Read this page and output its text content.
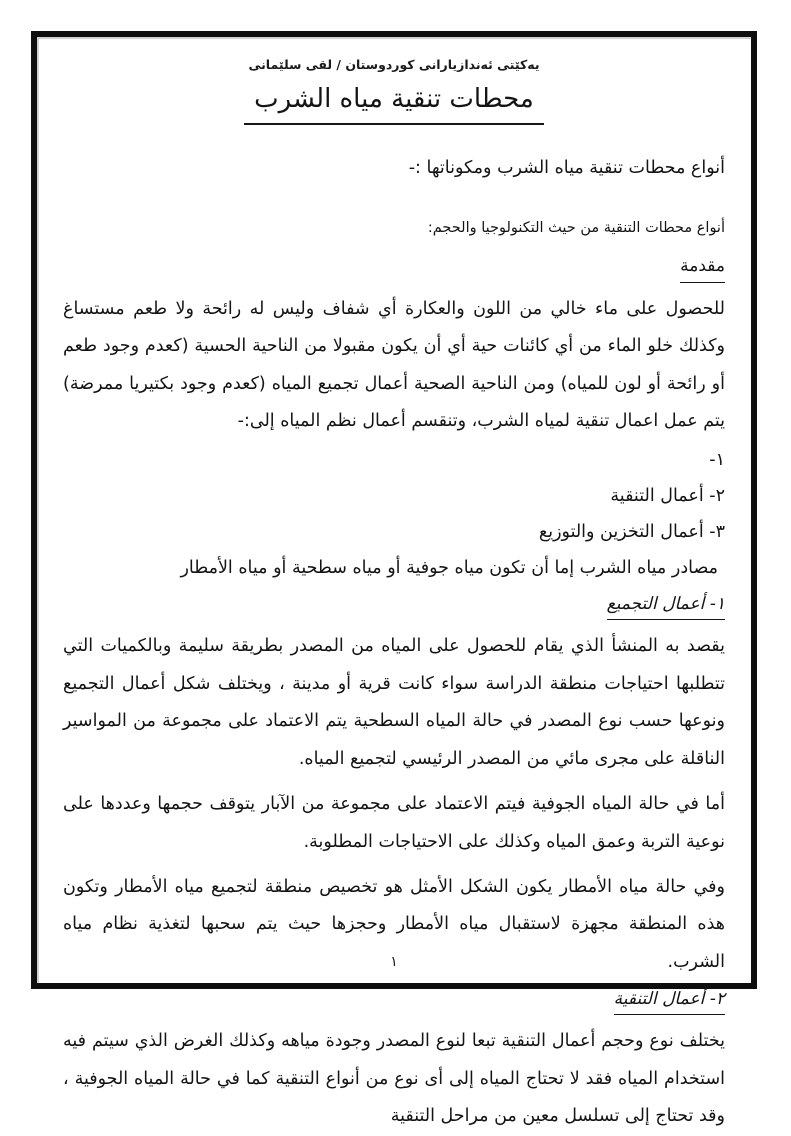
يەكێتى ئەندازيارانى كوردوستان / لقى سلێمانى
محطات تنقية مياه الشرب
أنواع محطات تنقية مياه الشرب ومكوناتها :-
أنواع محطات التنقية من حيث التكنولوجيا والحجم:
مقدمة
للحصول على ماء خالي من اللون والعكارة أي شفاف وليس له رائحة ولا طعم مستساغ وكذلك خلو الماء من أي كائنات حية أي أن يكون مقبولا من الناحية الحسية (كعدم وجود طعم أو رائحة أو لون للمياه) ومن الناحية الصحية أعمال تجميع المياه (كعدم وجود بكتيريا ممرضة) يتم عمل اعمال تنقية لمياه الشرب، وتنقسم أعمال نظم المياه إلى:-
١-
٢- أعمال التنقية
٣- أعمال التخزين والتوزيع
مصادر مياه الشرب إما أن تكون مياه جوفية أو مياه سطحية أو مياه الأمطار
١- أعمال التجميع
يقصد به المنشأ الذي يقام للحصول على المياه من المصدر بطريقة سليمة وبالكميات التي تتطلبها احتياجات منطقة الدراسة سواء كانت قرية أو مدينة ، ويختلف شكل أعمال التجميع ونوعها حسب نوع المصدر في حالة المياه السطحية يتم الاعتماد على مجموعة من المواسير الناقلة على مجرى مائي من المصدر الرئيسي لتجميع المياه.
أما في حالة المياه الجوفية فيتم الاعتماد على مجموعة من الآبار يتوقف حجمها وعددها على نوعية التربة وعمق المياه وكذلك على الاحتياجات المطلوبة.
وفي حالة مياه الأمطار يكون الشكل الأمثل هو تخصيص منطقة لتجميع مياه الأمطار وتكون هذه المنطقة مجهزة لاستقبال مياه الأمطار وحجزها حيث يتم سحبها لتغذية نظام مياه الشرب.
٢- أعمال التنقية
يختلف نوع وحجم أعمال التنقية تبعا لنوع المصدر وجودة مياهه وكذلك الغرض الذي سيتم فيه استخدام المياه فقد لا تحتاج المياه إلى أى نوع من أنواع التنقية كما في حالة المياه الجوفية ، وقد تحتاج إلى تسلسل معين من مراحل التنقية
١
